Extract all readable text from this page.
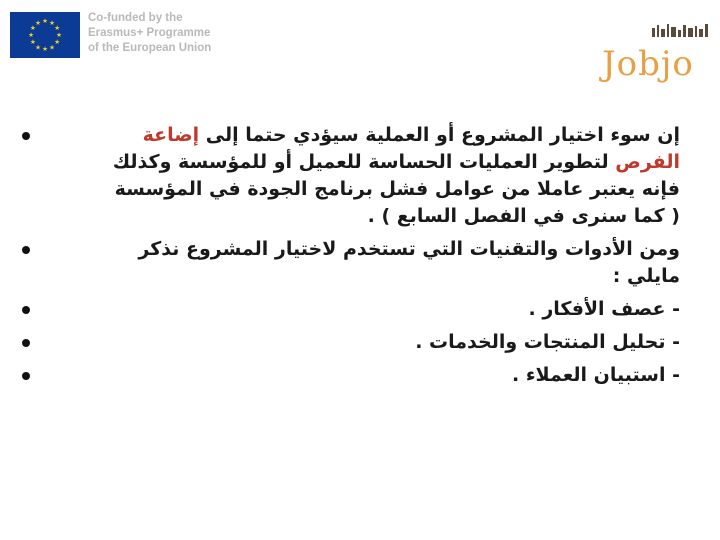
★
★
★
★
★
★
★
★
★ ★ ★
★
Co-funded by the
Erasmus+ Programme
of the European Union	Jobjo
إن سوء اختيار المشروع أو العملية سيؤدي حتما إلى إضاعة
الفرص لتطوير العمليات الحساسة للعميل أو للمؤسسة وكذلك
فإنه يعتبر عاملا من عوامل فشل برنامج الجودة في المؤسسة
( كما سنرى في الفصل السابع ) .
ومن الأدوات والتقنيات التي تستخدم لاختيار المشروع نذكر
مايلي :
- عصف الأفكار .
- تحليل المنتجات والخدمات .
- استبيان العملاء .
